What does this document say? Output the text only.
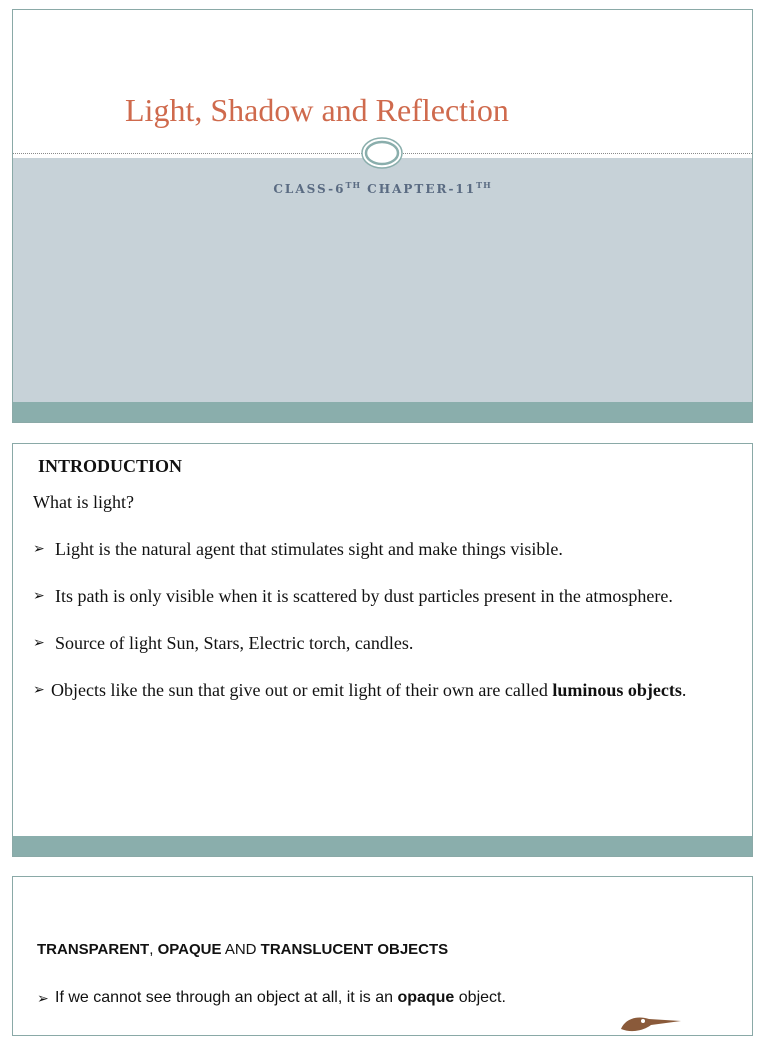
Light, Shadow and Reflection
CLASS-6TH CHAPTER-11TH
INTRODUCTION
What is light?
➢ Light is the natural agent that stimulates sight and make things visible.
➢ Its path is only visible when it is scattered by dust particles present in the atmosphere.
➢ Source of light Sun, Stars, Electric torch, candles.
➢ Objects like the sun that give out or emit light of their own are called luminous objects.
TRANSPARENT, OPAQUE AND TRANSLUCENT OBJECTS
➢ If we cannot see through an object at all, it is an opaque object.
